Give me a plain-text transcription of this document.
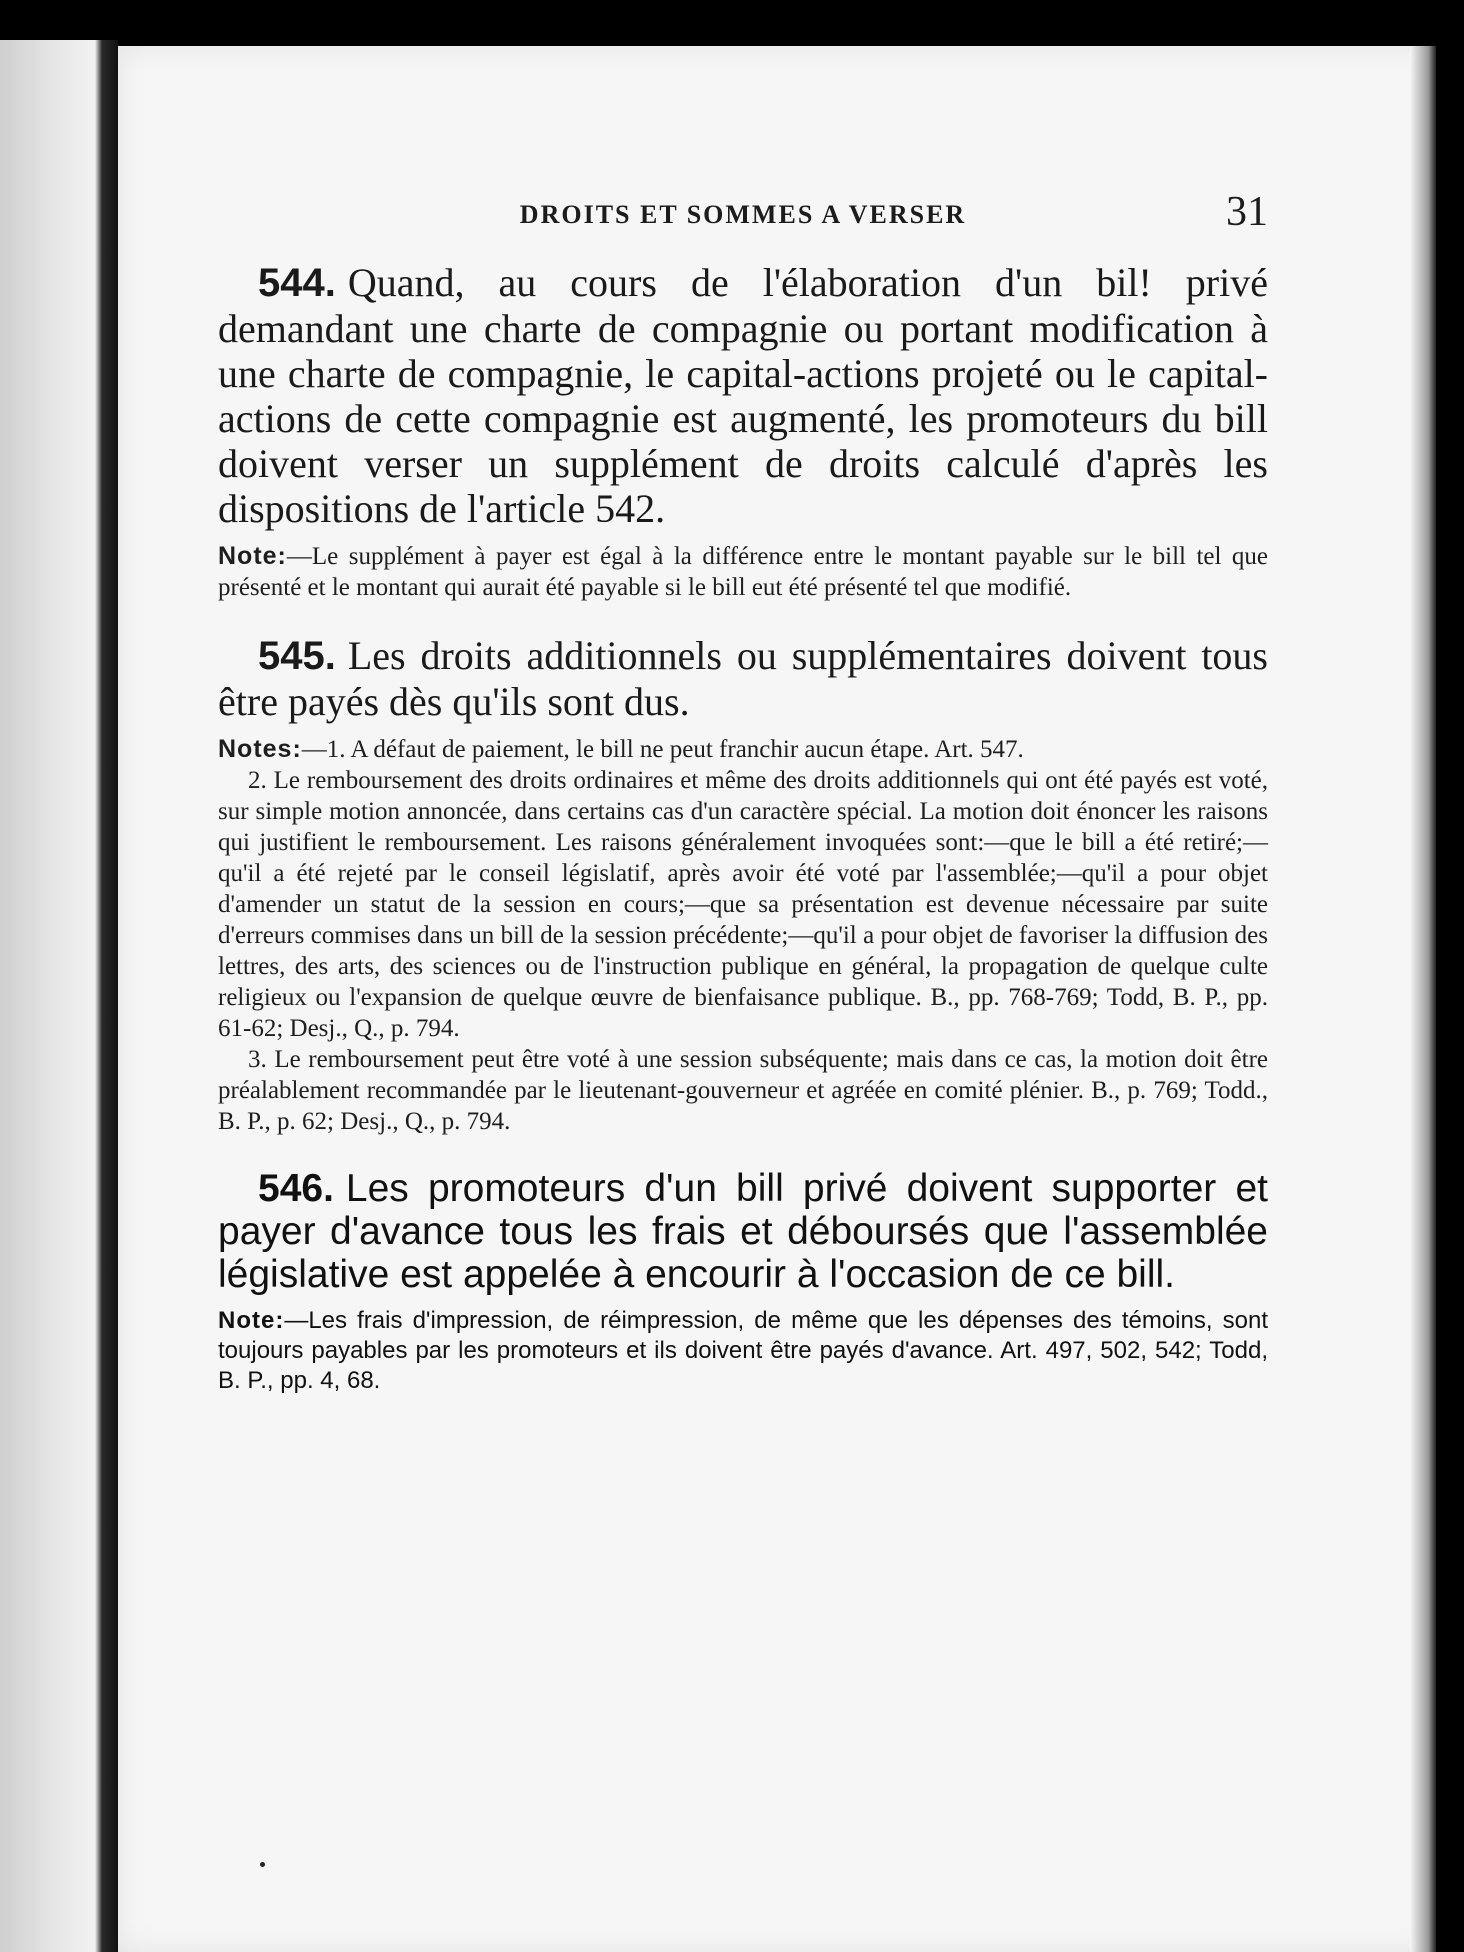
DROITS ET SOMMES A VERSER	31

544. Quand, au cours de l'élaboration d'un bil! privé demandant une charte de compagnie ou portant modification à une charte de compagnie, le capital-actions projeté ou le capital-actions de cette compagnie est augmenté, les promoteurs du bill doivent verser un supplément de droits calculé d'après les dispositions de l'article 542.

Note:—Le supplément à payer est égal à la différence entre le montant payable sur le bill tel que présenté et le montant qui aurait été payable si le bill eut été présenté tel que modifié.

545. Les droits additionnels ou supplémentaires doivent tous être payés dès qu'ils sont dus.

Notes:—1. A défaut de paiement, le bill ne peut franchir aucun étape. Art. 547.

2. Le remboursement des droits ordinaires et même des droits additionnels qui ont été payés est voté, sur simple motion annoncée, dans certains cas d'un caractère spécial. La motion doit énoncer les raisons qui justifient le remboursement. Les raisons généralement invoquées sont:—que le bill a été retiré;—qu'il a été rejeté par le conseil législatif, après avoir été voté par l'assemblée;—qu'il a pour objet d'amender un statut de la session en cours;—que sa présentation est devenue nécessaire par suite d'erreurs commises dans un bill de la session précédente;—qu'il a pour objet de favoriser la diffusion des lettres, des arts, des sciences ou de l'instruction publique en général, la propagation de quelque culte religieux ou l'expansion de quelque œuvre de bienfaisance publique. B., pp. 768-769; Todd, B. P., pp. 61-62; Desj., Q., p. 794.

3. Le remboursement peut être voté à une session subséquente; mais dans ce cas, la motion doit être préalablement recommandée par le lieutenant-gouverneur et agréée en comité plénier. B., p. 769; Todd., B. P., p. 62; Desj., Q., p. 794.

546. Les promoteurs d'un bill privé doivent supporter et payer d'avance tous les frais et déboursés que l'assemblée législative est appelée à encourir à l'occasion de ce bill.

Note:—Les frais d'impression, de réimpression, de même que les dépenses des témoins, sont toujours payables par les promoteurs et ils doivent être payés d'avance. Art. 497, 502, 542; Todd, B. P., pp. 4, 68.
